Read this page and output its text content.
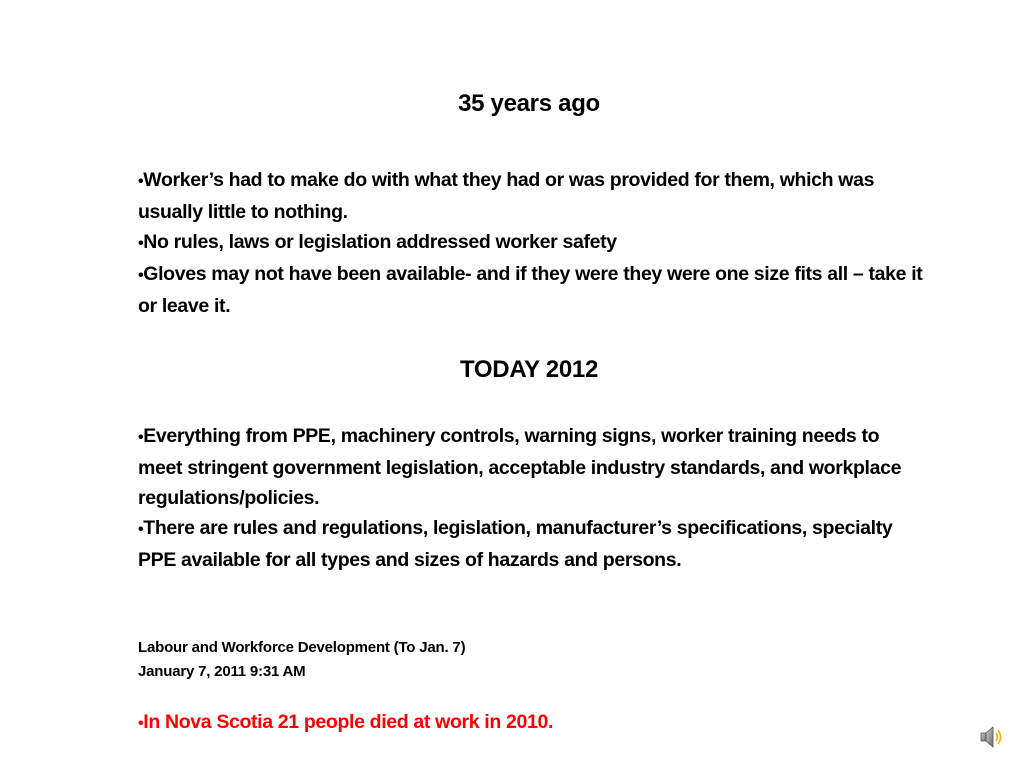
35 years ago
•Worker’s had to make do with what they had or was provided for them, which was usually little to nothing.
•No rules, laws or legislation addressed worker safety
•Gloves may not have been available- and if they were they were one size fits all – take it or leave it.
TODAY 2012
•Everything from PPE, machinery controls, warning signs, worker training needs to meet stringent government legislation, acceptable industry standards, and workplace regulations/policies.
•There are rules and regulations, legislation, manufacturer’s specifications, specialty PPE available for all types and sizes of hazards and persons.
Labour and Workforce Development (To Jan. 7)
January 7, 2011 9:31 AM
•In Nova Scotia 21 people died at work in 2010.
